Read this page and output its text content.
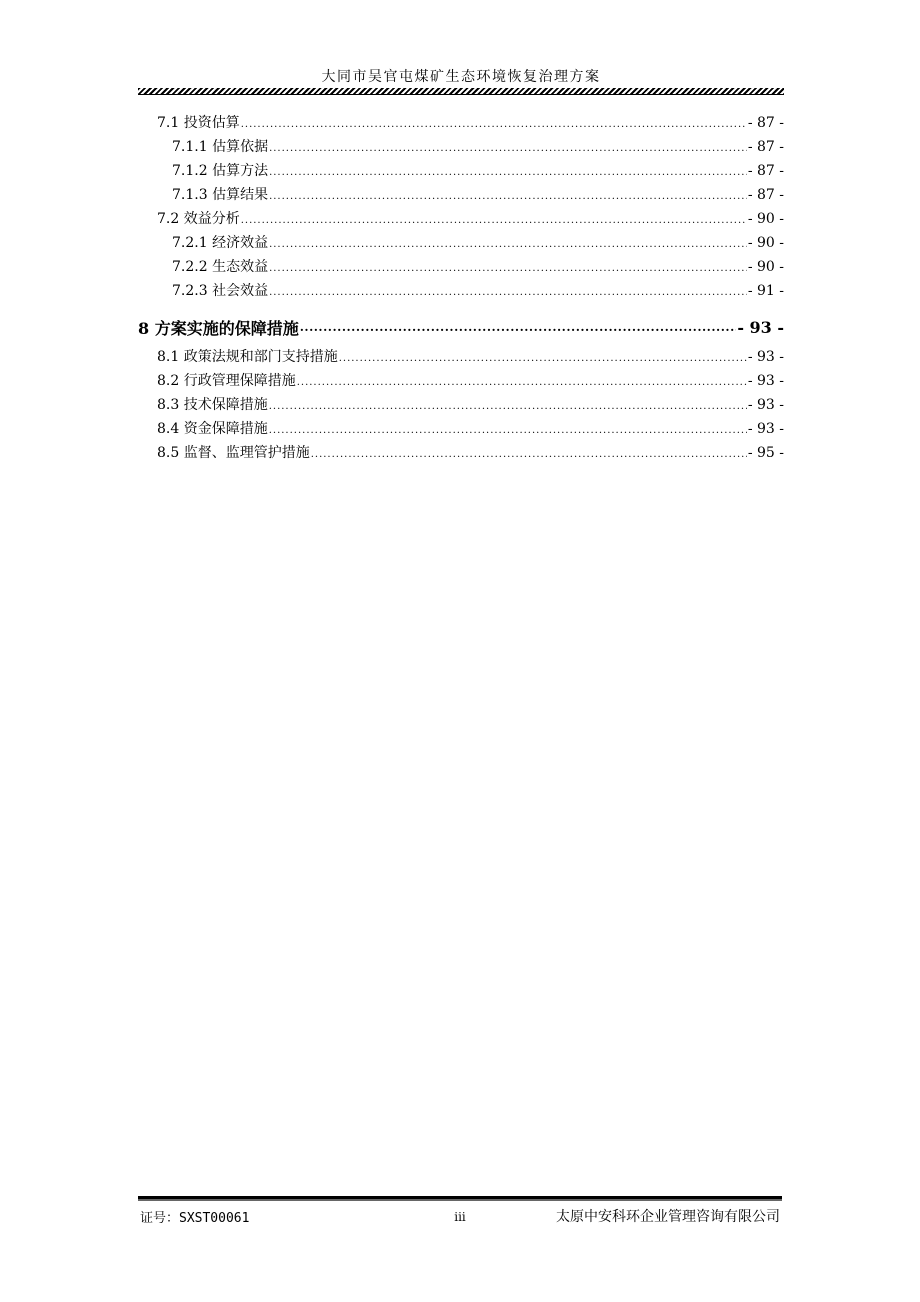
大同市吴官屯煤矿生态环境恢复治理方案
7.1 投资估算 .....	- 87 -
7.1.1 估算依据 .....	- 87 -
7.1.2 估算方法 .....	- 87 -
7.1.3 估算结果 .....	- 87 -
7.2 效益分析 .....	- 90 -
7.2.1 经济效益 .....	- 90 -
7.2.2 生态效益 .....	- 90 -
7.2.3 社会效益 .....	- 91 -
8 方案实施的保障措施 .....	- 93 -
8.1 政策法规和部门支持措施 .....	- 93 -
8.2 行政管理保障措施 .....	- 93 -
8.3 技术保障措施 .....	- 93 -
8.4 资金保障措施 .....	- 93 -
8.5 监督、监理管护措施 .....	- 95 -
证号：SXST00061	iii	太原中安科环企业管理咨询有限公司
